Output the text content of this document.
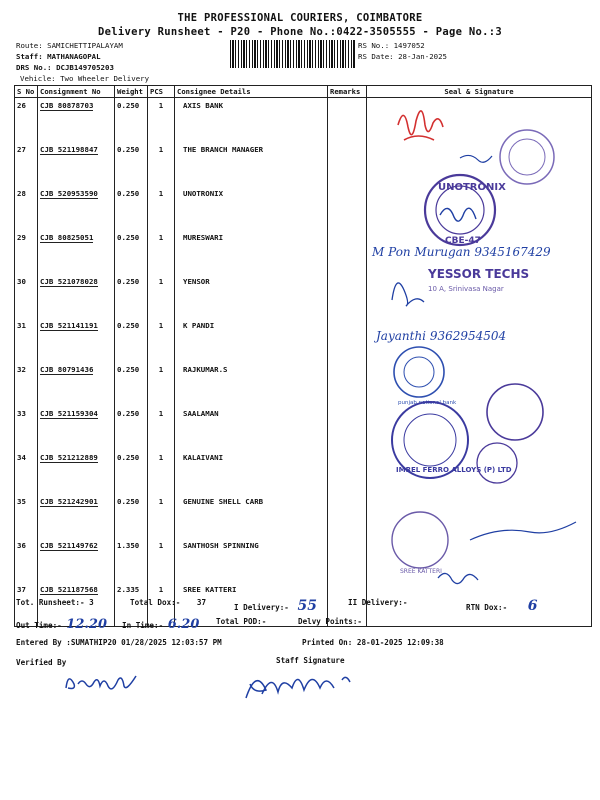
THE PROFESSIONAL COURIERS, COIMBATORE
Delivery Runsheet - P20 - Phone No.:0422-3505555 - Page No.:3
Route: SAMICHETTIPALAYAM
Staff: MATHANAGOPAL
DRS No.: DCJB149705203
Vehicle: Two Wheeler Delivery
RS No.: 1497052
RS Date: 28-Jan-2025
S No	Consignment No	Weight	PCS	Consignee Details	Remarks	Seal & Signature
26	CJB 80878703	0.250	1	AXIS BANK		
27	CJB 521198847	0.250	1	THE BRANCH MANAGER		
28	CJB 520953590	0.250	1	UNOTRONIX		
29	CJB 80825051	0.250	1	MURESWARI		
30	CJB 521078028	0.250	1	YENSOR		
31	CJB 521141191	0.250	1	K PANDI		
32	CJB 80791436	0.250	1	RAJKUMAR.S		
33	CJB 521159304	0.250	1	SAALAMAN		
34	CJB 521212889	0.250	1	KALAIVANI		
35	CJB 521242901	0.250	1	GENUINE SHELL CARB		
36	CJB 521149762	1.350	1	SANTHOSH SPINNING		
37	CJB 521187568	2.335	1	SREE KATTERI		
UNOTRONIX
CBE-47
M Pon Murugan 9345167429
YESSOR TECHS
10 A, Srinivasa Nagar
Jayanthi 9362954504
punjab national bank
IMREL FERRO ALLOYS (P) LTD
SREE KATTERI
Tot. Runsheet:- 3	Total Dox:- 37
I Delivery:- 55	II Delivery:-
RTN Dox:- 6
Out Time:- 12.20 In Time:- 6.20 Total POD:-	Delvy Points:-
Entered By :SUMATHIP20 01/28/2025 12:03:57 PM	Printed On: 28-01-2025 12:09:38
Verified By	Staff Signature
